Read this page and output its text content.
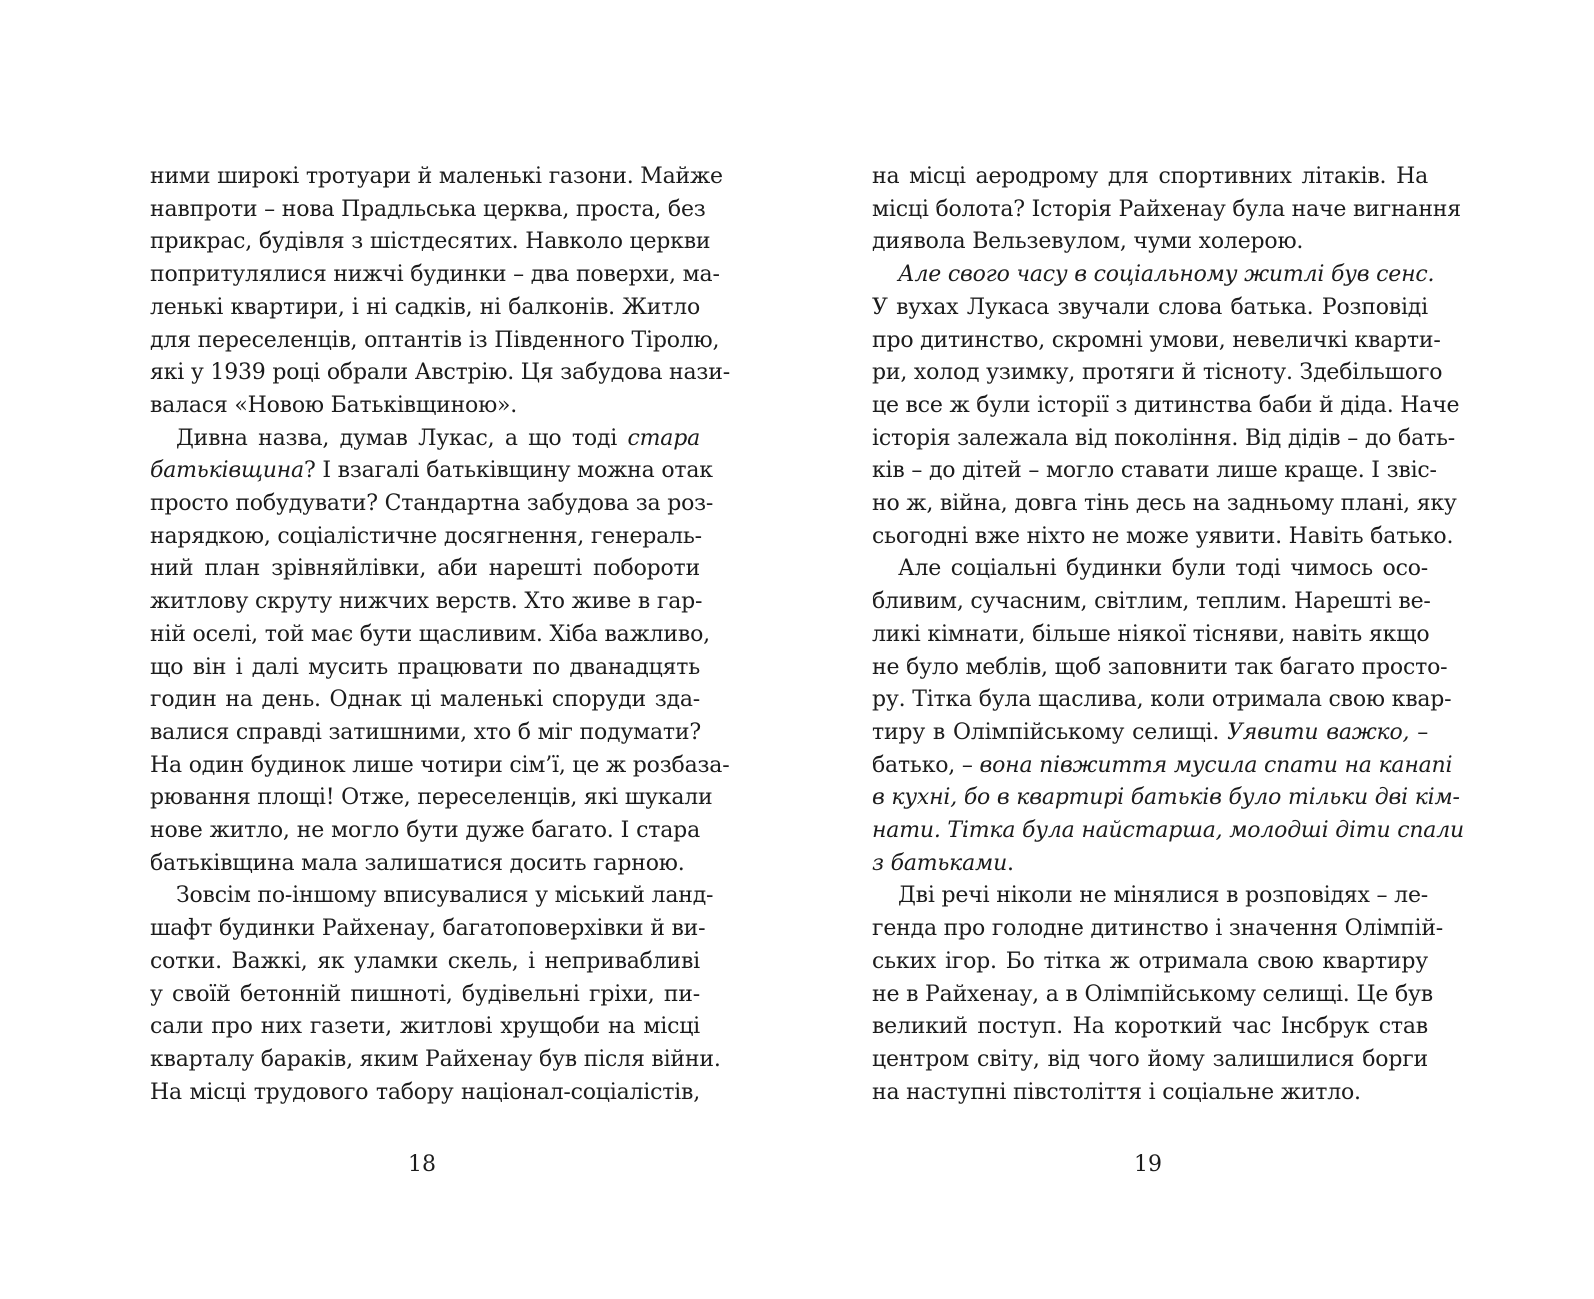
ними широкі тротуари й маленькі газони. Майже
навпроти – нова Прадльська церква, проста, без
прикрас, будівля з шістдесятих. Навколо церкви
попритулялися нижчі будинки – два поверхи, ма-
ленькі квартири, і ні садків, ні балконів. Житло
для переселенців, оптантів із Південного Тіролю,
які у 1939 році обрали Австрію. Ця забудова нази-
валася «Новою Батьківщиною».

Дивна назва, думав Лукас, а що тоді стара
батьківщина? І взагалі батьківщину можна отак
просто побудувати? Стандартна забудова за роз-
нарядкою, соціалістичне досягнення, генераль-
ний план зрівняйлівки, аби нарешті побороти
житлову скруту нижчих верств. Хто живе в гар-
ній оселі, той має бути щасливим. Хіба важливо,
що він і далі мусить працювати по дванадцять
годин на день. Однак ці маленькі споруди зда-
валися справді затишними, хто б міг подумати?
На один будинок лише чотири сім’ї, це ж розбаза-
рювання площі! Отже, переселенців, які шукали
нове житло, не могло бути дуже багато. І стара
батьківщина мала залишатися досить гарною.

Зовсім по-іншому вписувалися у міський ланд-
шафт будинки Райхенау, багатоповерхівки й ви-
сотки. Важкі, як уламки скель, і непривабливі
у своїй бетонній пишноті, будівельні гріхи, пи-
сали про них газети, житлові хрущоби на місці
кварталу бараків, яким Райхенау був після війни.
На місці трудового табору націонал-соціалістів,

на місці аеродрому для спортивних літаків. На
місці болота? Історія Райхенау була наче вигнання
диявола Вельзевулом, чуми холерою.

Але свого часу в соціальному житлі був сенс.
У вухах Лукаса звучали слова батька. Розповіді
про дитинство, скромні умови, невеличкі кварти-
ри, холод узимку, протяги й тісноту. Здебільшого
це все ж були історії з дитинства баби й діда. Наче
історія залежала від покоління. Від дідів – до бать-
ків – до дітей – могло ставати лише краще. І звіс-
но ж, війна, довга тінь десь на задньому плані, яку
сьогодні вже ніхто не може уявити. Навіть батько.

Але соціальні будинки були тоді чимось осо-
бливим, сучасним, світлим, теплим. Нарешті ве-
ликі кімнати, більше ніякої тісняви, навіть якщо
не було меблів, щоб заповнити так багато просто-
ру. Тітка була щаслива, коли отримала свою квар-
тиру в Олімпійському селищі. Уявити важко, –
батько, – вона півжиття мусила спати на канапі
в кухні, бо в квартирі батьків було тільки дві кім-
нати. Тітка була найстарша, молодші діти спали
з батьками.

Дві речі ніколи не мінялися в розповідях – ле-
генда про голодне дитинство і значення Олімпій-
ських ігор. Бо тітка ж отримала свою квартиру
не в Райхенау, а в Олімпійському селищі. Це був
великий поступ. На короткий час Інсбрук став
центром світу, від чого йому залишилися борги
на наступні півстоліття і соціальне житло.

18	19
